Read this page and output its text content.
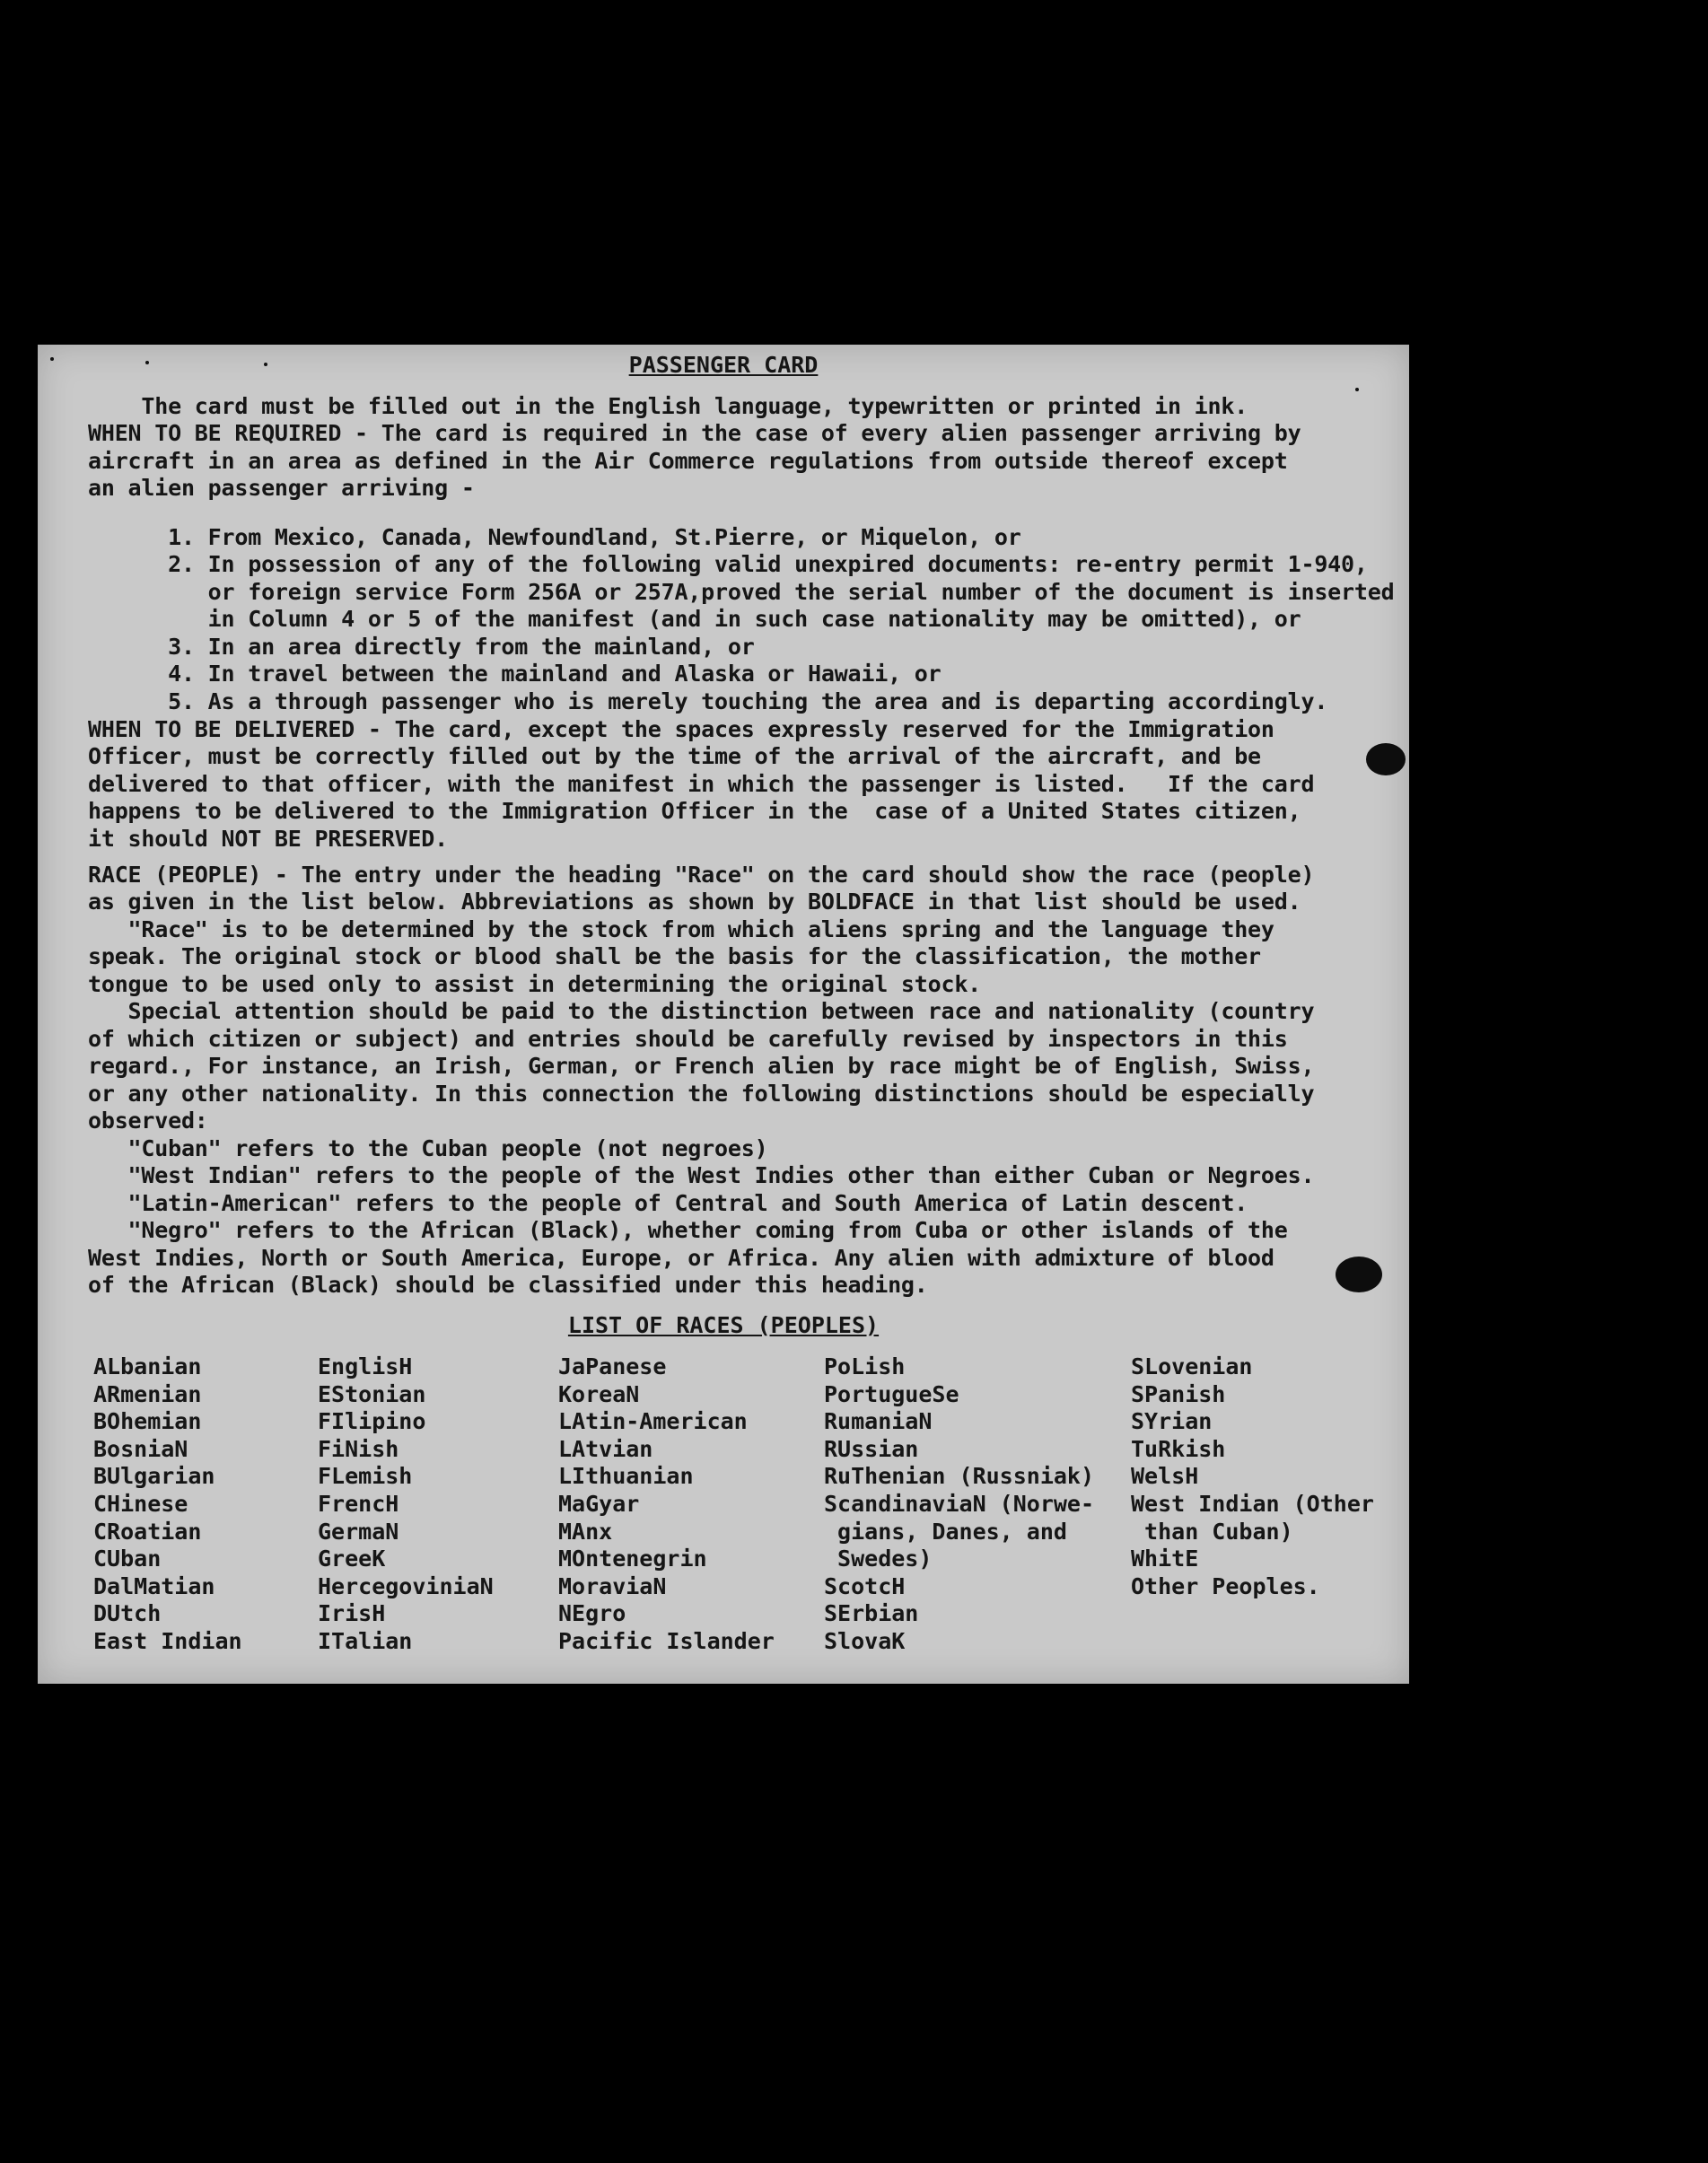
PASSENGER CARD
The card must be filled out in the English language, typewritten or printed in ink.
WHEN TO BE REQUIRED - The card is required in the case of every alien passenger arriving by
aircraft in an area as defined in the Air Commerce regulations from outside thereof except
an alien passenger arriving -
1. From Mexico, Canada, Newfoundland, St.Pierre, or Miquelon, or
2. In possession of any of the following valid unexpired documents: re-entry permit 1-940,
or foreign service Form 256A or 257A,proved the serial number of the document is inserted
in Column 4 or 5 of the manifest (and in such case nationality may be omitted), or
3. In an area directly from the mainland, or
4. In travel between the mainland and Alaska or Hawaii, or
5. As a through passenger who is merely touching the area and is departing accordingly.
WHEN TO BE DELIVERED - The card, except the spaces expressly reserved for the Immigration
Officer, must be correctly filled out by the time of the arrival of the aircraft, and be
delivered to that officer, with the manifest in which the passenger is listed.   If the card
happens to be delivered to the Immigration Officer in the  case of a United States citizen,
it should NOT BE PRESERVED.
RACE (PEOPLE) - The entry under the heading "Race" on the card should show the race (people)
as given in the list below. Abbreviations as shown by BOLDFACE in that list should be used.
"Race" is to be determined by the stock from which aliens spring and the language they
speak. The original stock or blood shall be the basis for the classification, the mother
tongue to be used only to assist in determining the original stock.
Special attention should be paid to the distinction between race and nationality (country
of which citizen or subject) and entries should be carefully revised by inspectors in this
regard., For instance, an Irish, German, or French alien by race might be of English, Swiss,
or any other nationality. In this connection the following distinctions should be especially
observed:
"Cuban" refers to the Cuban people (not negroes)
"West Indian" refers to the people of the West Indies other than either Cuban or Negroes.
"Latin-American" refers to the people of Central and South America of Latin descent.
"Negro" refers to the African (Black), whether coming from Cuba or other islands of the
West Indies, North or South America, Europe, or Africa. Any alien with admixture of blood
of the African (Black) should be classified under this heading.
LIST OF RACES (PEOPLES)
ALbanian
ARmenian
BOhemian
BosniaN
BUlgarian
CHinese
CRoatian
CUban
DalMatian
DUtch
East Indian
EnglisH
EStonian
FIlipino
FiNish
FLemish
FrencH
GermaN
GreeK
HercegoviniaN
IrisH
ITalian
JaPanese
KoreaN
LAtin-American
LAtvian
LIthuanian
MaGyar
MAnx
MOntenegrin
MoraviaN
NEgro
Pacific Islander
PoLish
PortugueSe
RumaniaN
RUssian
RuThenian (Russniak)
ScandinaviaN (Norwe-
gians, Danes, and
Swedes)
ScotcH
SErbian
SlovaK
SLovenian
SPanish
SYrian
TuRkish
WelsH
West Indian (Other
than Cuban)
WhitE
Other Peoples.
